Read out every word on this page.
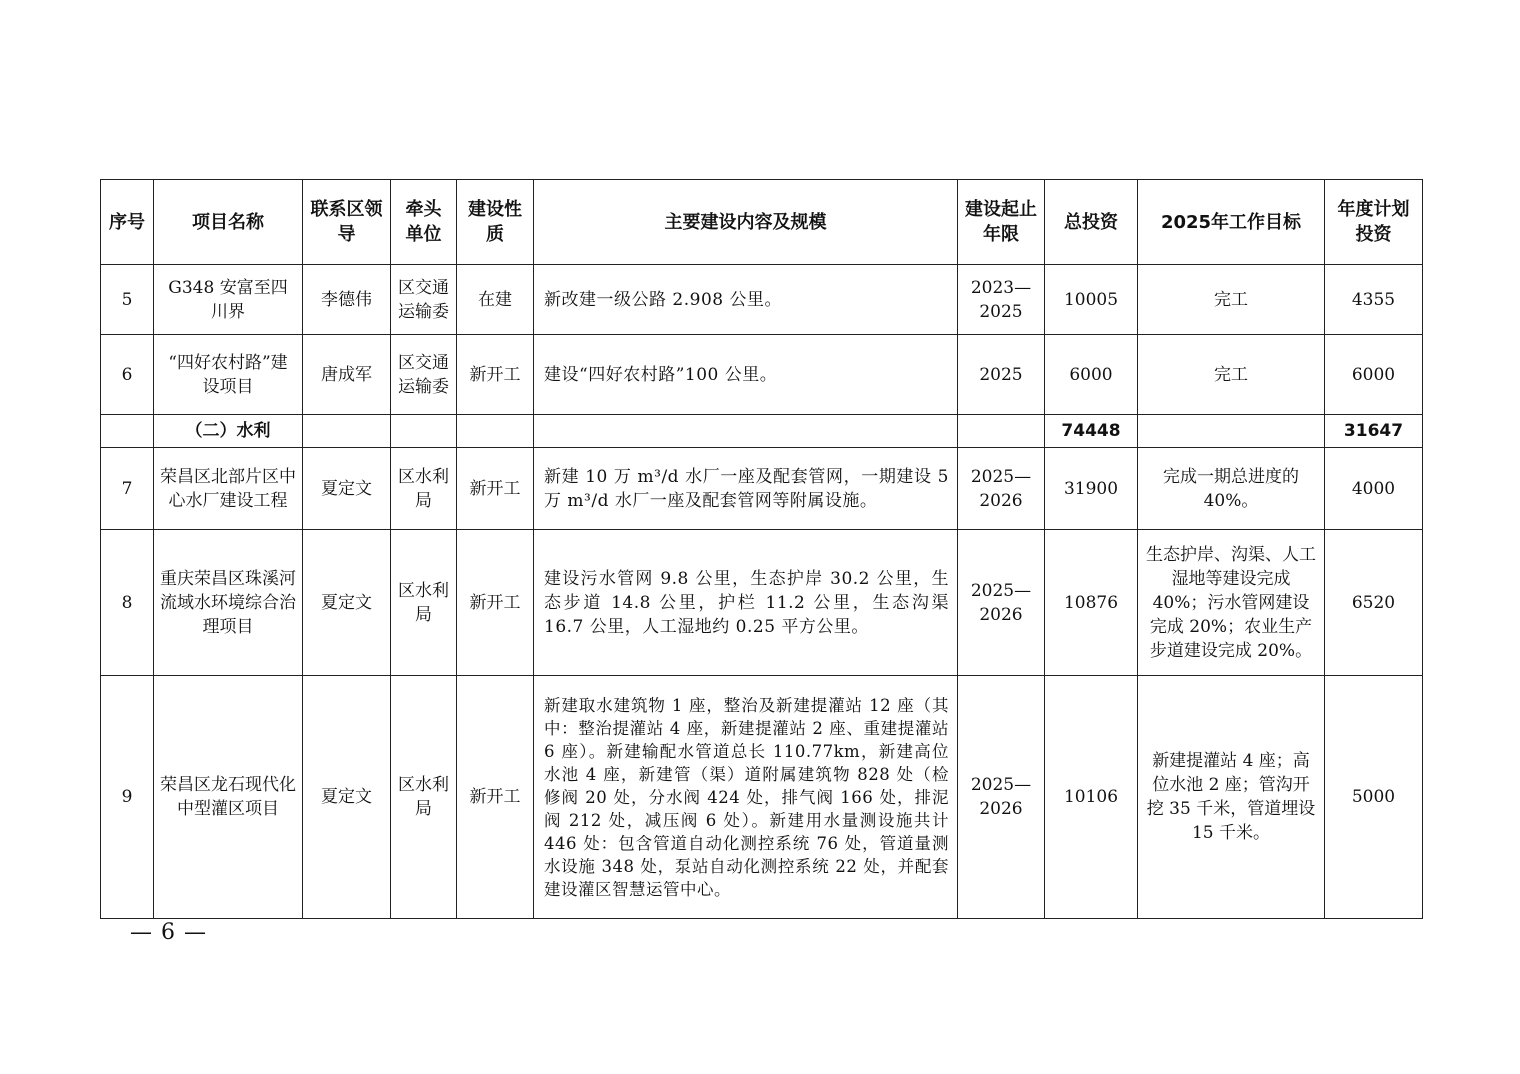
序号	项目名称	联系区领导	牵头单位	建设性质	主要建设内容及规模	建设起止年限	总投资	2025年工作目标	年度计划投资
5	G348 安富至四川界	李德伟	区交通运输委	在建	新改建一级公路 2.908 公里。	2023—2025	10005	完工	4355
6	“四好农村路”建设项目	唐成军	区交通运输委	新开工	建设“四好农村路”100 公里。	2025	6000	完工	6000
	（二）水利						74448		31647
7	荣昌区北部片区中心水厂建设工程	夏定文	区水利局	新开工	新建 10 万 m³/d 水厂一座及配套管网，一期建设 5 万 m³/d 水厂一座及配套管网等附属设施。	2025—2026	31900	完成一期总进度的 40%。	4000
8	重庆荣昌区珠溪河流域水环境综合治理项目	夏定文	区水利局	新开工	建设污水管网 9.8 公里，生态护岸 30.2 公里，生态步道 14.8 公里，护栏 11.2 公里，生态沟渠 16.7 公里，人工湿地约 0.25 平方公里。	2025—2026	10876	生态护岸、沟渠、人工湿地等建设完成 40%；污水管网建设完成 20%；农业生产步道建设完成 20%。	6520
9	荣昌区龙石现代化中型灌区项目	夏定文	区水利局	新开工	新建取水建筑物 1 座，整治及新建提灌站 12 座（其中：整治提灌站 4 座，新建提灌站 2 座、重建提灌站 6 座）。新建输配水管道总长 110.77km，新建高位水池 4 座，新建管（渠）道附属建筑物 828 处（检修阀 20 处，分水阀 424 处，排气阀 166 处，排泥阀 212 处，减压阀 6 处）。新建用水量测设施共计 446 处：包含管道自动化测控系统 76 处，管道量测水设施 348 处，泵站自动化测控系统 22 处，并配套建设灌区智慧运管中心。	2025—2026	10106	新建提灌站 4 座；高位水池 2 座；管沟开挖 35 千米，管道埋设 15 千米。	5000
— 6 —
